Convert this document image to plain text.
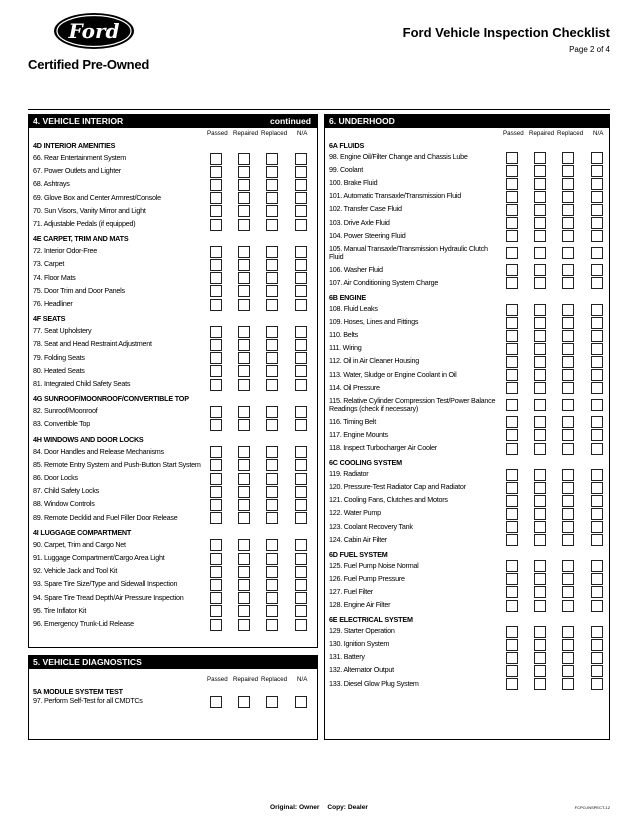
Ford
Certified Pre-Owned
Ford Vehicle Inspection Checklist
Page 2 of 4
4. VEHICLE INTERIOR	continued
Passed Repaired Replaced N/A
4D INTERIOR AMENITIES
66. Rear Entertainment System
67. Power Outlets and Lighter
68. Ashtrays
69. Glove Box and Center Armrest/Console
70. Sun Visors, Vanity Mirror and Light
71. Adjustable Pedals (if equipped)
4E CARPET, TRIM AND MATS
72. Interior Odor-Free
73. Carpet
74. Floor Mats
75. Door Trim and Door Panels
76. Headliner
4F SEATS
77. Seat Upholstery
78. Seat and Head Restraint Adjustment
79. Folding Seats
80. Heated Seats
81. Integrated Child Safety Seats
4G SUNROOF/MOONROOF/CONVERTIBLE TOP
82. Sunroof/Moonroof
83. Convertible Top
4H WINDOWS AND DOOR LOCKS
84. Door Handles and Release Mechanisms
85. Remote Entry System and Push-Button Start System
86. Door Locks
87. Child Safety Locks
88. Window Controls
89. Remote Decklid and Fuel Filler Door Release
4I LUGGAGE COMPARTMENT
90. Carpet, Trim and Cargo Net
91. Luggage Compartment/Cargo Area Light
92. Vehicle Jack and Tool Kit
93. Spare Tire Size/Type and Sidewall Inspection
94. Spare Tire Tread Depth/Air Pressure Inspection
95. Tire Inflator Kit
96. Emergency Trunk-Lid Release
5. VEHICLE DIAGNOSTICS
Passed Repaired Replaced N/A
5A MODULE SYSTEM TEST
97. Perform Self-Test for all CMDTCs
6. UNDERHOOD
Passed Repaired Replaced N/A
6A FLUIDS
98. Engine Oil/Filter Change and Chassis Lube
99. Coolant
100. Brake Fluid
101. Automatic Transaxle/Transmission Fluid
102. Transfer Case Fluid
103. Drive Axle Fluid
104. Power Steering Fluid
105. Manual Transaxle/Transmission Hydraulic Clutch Fluid
106. Washer Fluid
107. Air Conditioning System Charge
6B ENGINE
108. Fluid Leaks
109. Hoses, Lines and Fittings
110. Belts
111. Wiring
112. Oil in Air Cleaner Housing
113. Water, Sludge or Engine Coolant in Oil
114. Oil Pressure
115. Relative Cylinder Compression Test/Power Balance Readings (check if necessary)
116. Timing Belt
117. Engine Mounts
118. Inspect Turbocharger Air Cooler
6C COOLING SYSTEM
119. Radiator
120. Pressure-Test Radiator Cap and Radiator
121. Cooling Fans, Clutches and Motors
122. Water Pump
123. Coolant Recovery Tank
124. Cabin Air Filter
6D FUEL SYSTEM
125. Fuel Pump Noise Normal
126. Fuel Pump Pressure
127. Fuel Filter
128. Engine Air Filter
6E ELECTRICAL SYSTEM
129. Starter Operation
130. Ignition System
131. Battery
132. Alternator Output
133. Diesel Glow Plug System
Original: Owner Copy: Dealer	FCPO-INSPECT-12
